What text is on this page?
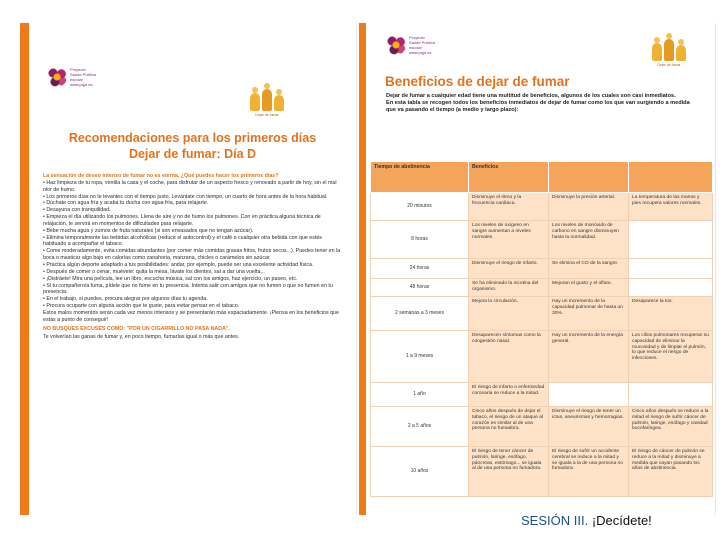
Proyecto
Saúde Pública
escolar
www.pqjd.es
Dejar de fumar
Recomendaciones para los primeros días
Dejar de fumar: Día D

La sensación de deseo intenso de fumar no es eterna. ¿Qué puedes hacer los primeros días?

• Haz limpieza de tu ropa, ventila la casa y el coche, para disfrutar de un aspecto fresco y renovado a partir de hoy, sin el mal olor de humo.

• Los primeros días no te levantes con el tiempo justo. Levántate con tiempo, un cuarto de hora antes de la hora habitual.

• Dúchate con agua fría y acaba tu ducha con agua fría, para relajarte.

• Desayuna con tranquilidad.

• Empieza el día utilizando los pulmones. Llena de aire y no de humo los pulmones. Con en práctica alguna técnica de relajación, te servirá en momentos de dificultades para relajarte.

• Bebe mucha agua y zumos de fruta naturales (si son envasados que no tengan azúcar).

• Elimina temporalmente las bebidas alcohólicas (reduce el autocontrol) y el café o cualquier otra bebida con que estés habituado a acompañar el tabaco.

• Come moderadamente, evita comidas abundantes (por comer más comidas grasas fritos, frutos secos...). Puedes tener en la boca o masticar algo bajo en calorías como zanahoria, manzana, chicles o caramelos sin azúcar.

• Practica algún deporte adaptado a tus posibilidades: andar, por ejemplo, puede ser una excelente actividad física.

• Después de comer o cenar, muévete: quita la mesa, lávate los dientes, sal a dar una vuelta...

• ¡Distráete! Mira una película, lee un libro, escucha música, sal con los amigos, haz ejercicio, un paseo, etc.

• Si tu compañero/a fuma, pídele que no fume en tu presencia. Intenta salir con amigos que no fumen o que no fumen en tu presencia.

• En el trabajo, si puedes, procura alegrar por algunos días tu agenda.

• Procura ocuparte con alguna acción que te guste, para evitar pensar en el tabaco.

Estos malos momentos serán cada vez menos intensos y se presentarán más espaciadamente. ¡Piensa en los beneficios que estás a punto de conseguir!

NO BUSQUES EXCUSES COMO: "POR UN CIGARRILLO NO PASA NADA".

Te volverían las ganas de fumar y, en poco tiempo, fumarías igual o más que antes.

Proyecto
Saúde Pública
escolar
www.pqjd.es
Dejar de fumar
Beneficios de dejar de fumar

Dejar de fumar a cualquier edad tiene una multitud de beneficios, algunos de los cuales son casi inmediatos.

En esta tabla se recogen todos los beneficios inmediatos de dejar de fumar como los que van surgiendo a medida que va pasando el tiempo (a medio y largo plazo):

Tiempo de abstinencia	Beneficios		
20 minutos	Disminuye el ritmo y la frecuencia cardiaca.	Disminuye la presión arterial.	La temperatura de las manos y pies recupera valores normales.
8 horas	Los niveles de oxígeno en sangre aumentan a niveles normales.	Los niveles de monóxido de carbono en sangre disminuyen hasta la normalidad.	
24 horas	Disminuye el riesgo de infarto.	Se elimina el CO de la sangre.	
48 horas	Se ha eliminado la nicotina del organismo.	Mejoran el gusto y el olfato.	
2 semanas a 3 meses	Mejora la circulación.	Hay un incremento de la capacidad pulmonar de hasta un 30%.	Desaparece la tos.
1 a 9 meses	Desaparecen síntomas como la congestión nasal.	Hay un incremento de la energía general.	Los cilios pulmonares recuperan su capacidad de eliminar la mucosidad y de limpiar el pulmón, lo que reduce el riesgo de infecciones.
1 año	El riesgo de infarto o enfermedad coronaria se reduce a la mitad.		
2 a 5 años	Cinco años después de dejar el tabaco, el riesgo de un ataque al corazón es similar al de una persona no fumadora.	Disminuye el riesgo de tener un ictus, aneurismas y hemorragias.	Cinco años después se reduce a la mitad el riesgo de sufrir cáncer de pulmón, laringe, esófago y cavidad bucofaríngea.
10 años	El riesgo de tener cáncer de pulmón, laringe, esófago, páncreas, estómago... se iguala al de una persona no fumadora.	El riesgo de sufrir un accidente cerebral se reduce a la mitad y se iguala a la de una persona no fumadora.	El riesgo de cáncer de pulmón se reduce a la mitad y disminuye a medida que vayan pasando los años de abstinencia.
SESIÓN III. ¡Decídete!
